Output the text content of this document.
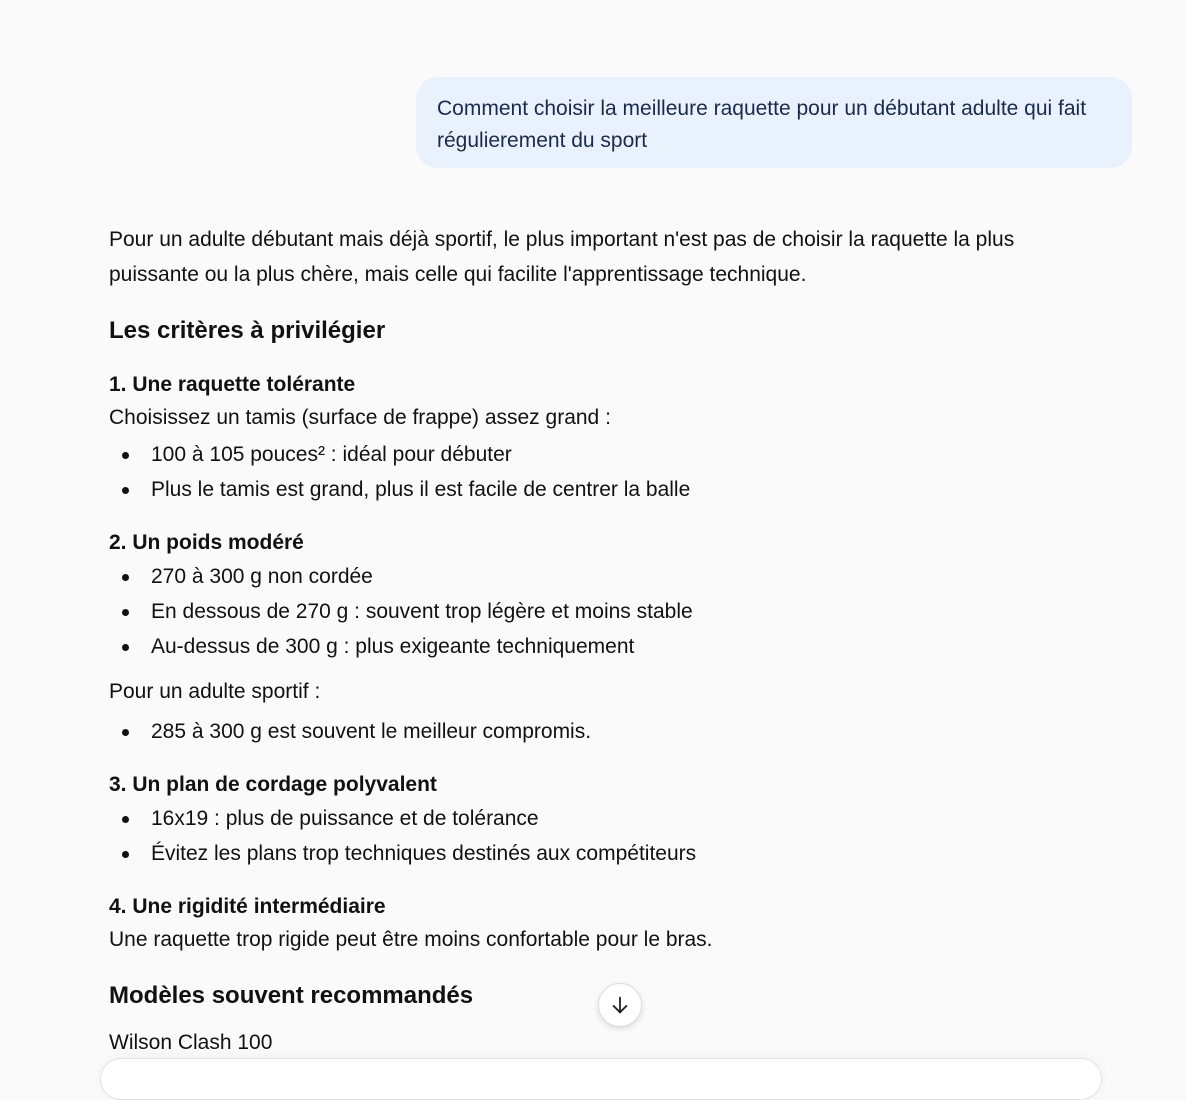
Comment choisir la meilleure raquette pour un débutant adulte qui fait régulierement du sport

Pour un adulte débutant mais déjà sportif, le plus important n'est pas de choisir la raquette la plus puissante ou la plus chère, mais celle qui facilite l'apprentissage technique.

Les critères à privilégier
1. Une raquette tolérante

Choisissez un tamis (surface de frappe) assez grand :

100 à 105 pouces² : idéal pour débuter
Plus le tamis est grand, plus il est facile de centrer la balle
2. Un poids modéré
270 à 300 g non cordée
En dessous de 270 g : souvent trop légère et moins stable
Au-dessus de 300 g : plus exigeante techniquement

Pour un adulte sportif :

285 à 300 g est souvent le meilleur compromis.
3. Un plan de cordage polyvalent
16x19 : plus de puissance et de tolérance
Évitez les plans trop techniques destinés aux compétiteurs
4. Une rigidité intermédiaire

Une raquette trop rigide peut être moins confortable pour le bras.

Modèles souvent recommandés

Wilson Clash 100
